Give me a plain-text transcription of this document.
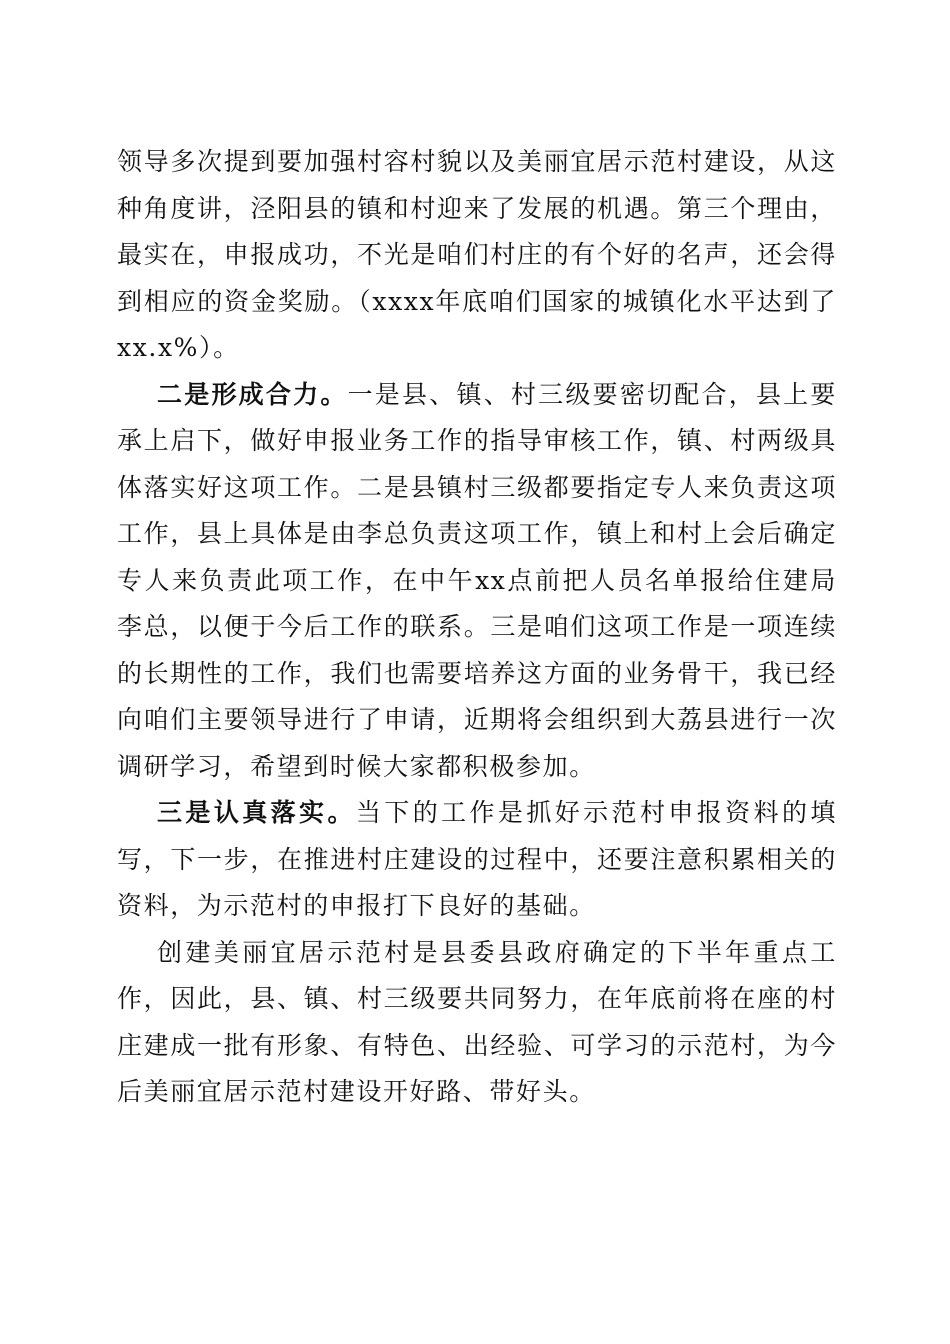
领导多次提到要加强村容村貌以及美丽宜居示范村建设，从这种角度讲，泾阳县的镇和村迎来了发展的机遇。第三个理由，最实在，申报成功，不光是咱们村庄的有个好的名声，还会得到相应的资金奖励。（xxxx年底咱们国家的城镇化水平达到了xx.x%）。

二是形成合力。一是县、镇、村三级要密切配合，县上要承上启下，做好申报业务工作的指导审核工作，镇、村两级具体落实好这项工作。二是县镇村三级都要指定专人来负责这项工作，县上具体是由李总负责这项工作，镇上和村上会后确定专人来负责此项工作，在中午xx点前把人员名单报给住建局李总，以便于今后工作的联系。三是咱们这项工作是一项连续的长期性的工作，我们也需要培养这方面的业务骨干，我已经向咱们主要领导进行了申请，近期将会组织到大荔县进行一次调研学习，希望到时候大家都积极参加。

三是认真落实。当下的工作是抓好示范村申报资料的填写，下一步，在推进村庄建设的过程中，还要注意积累相关的资料，为示范村的申报打下良好的基础。

创建美丽宜居示范村是县委县政府确定的下半年重点工作，因此，县、镇、村三级要共同努力，在年底前将在座的村庄建成一批有形象、有特色、出经验、可学习的示范村，为今后美丽宜居示范村建设开好路、带好头。
